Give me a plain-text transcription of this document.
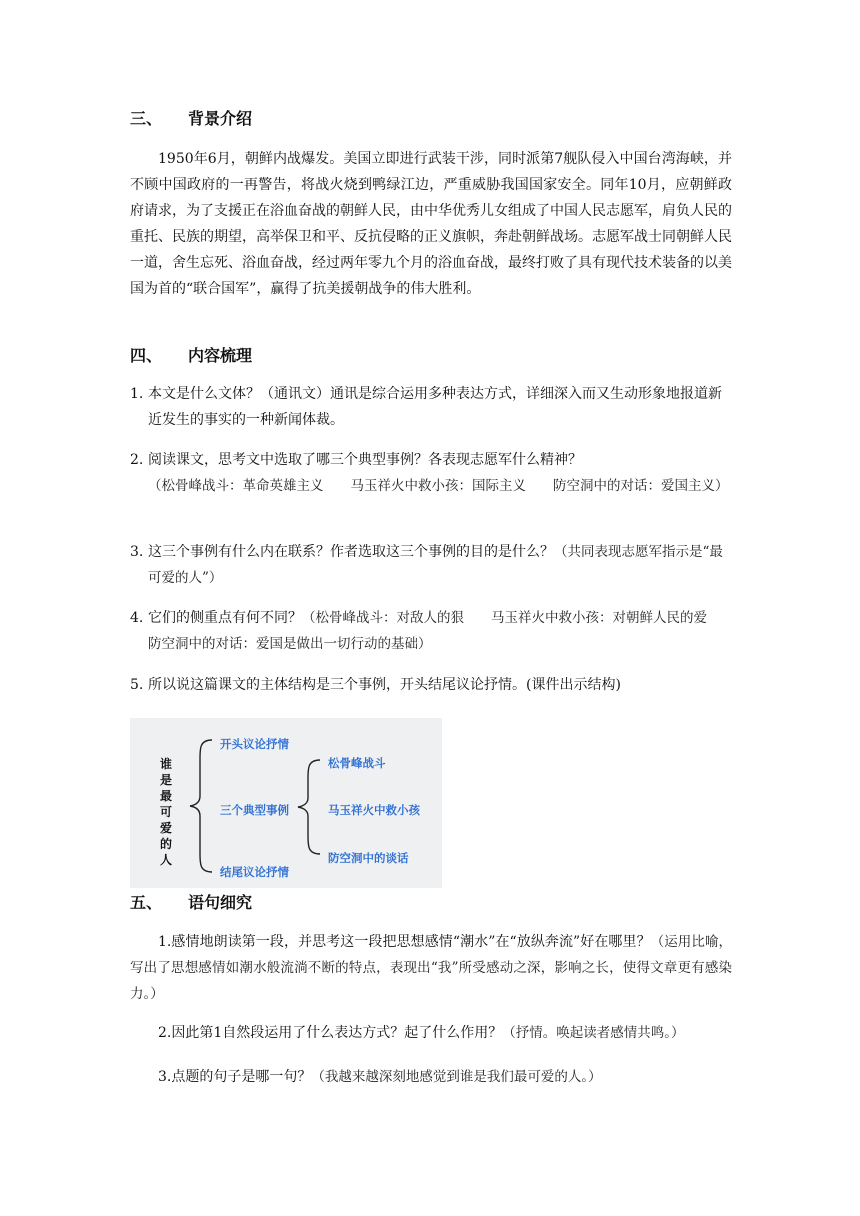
三、 背景介绍

1950年6月，朝鲜内战爆发。美国立即进行武装干涉，同时派第7舰队侵入中国台湾海峡，并不顾中国政府的一再警告，将战火烧到鸭绿江边，严重威胁我国国家安全。同年10月，应朝鲜政府请求，为了支援正在浴血奋战的朝鲜人民，由中华优秀儿女组成了中国人民志愿军，肩负人民的重托、民族的期望，高举保卫和平、反抗侵略的正义旗帜，奔赴朝鲜战场。志愿军战士同朝鲜人民一道，舍生忘死、浴血奋战，经过两年零九个月的浴血奋战，最终打败了具有现代技术装备的以美国为首的“联合国军”，赢得了抗美援朝战争的伟大胜利。

四、 内容梳理
1. 本文是什么文体？（通讯文）通讯是综合运用多种表达方式，详细深入而又生动形象地报道新近发生的事实的一种新闻体裁。
2. 阅读课文，思考文中选取了哪三个典型事例？各表现志愿军什么精神？
（松骨峰战斗：革命英雄主义　　马玉祥火中救小孩：国际主义　　防空洞中的对话：爱国主义）
3. 这三个事例有什么内在联系？作者选取这三个事例的目的是什么？（共同表现志愿军指示是“最可爱的人”）
4. 它们的侧重点有何不同？（松骨峰战斗：对敌人的狠　　马玉祥火中救小孩：对朝鲜人民的爱　　防空洞中的对话：爱国是做出一切行动的基础）
5. 所以说这篇课文的主体结构是三个事例，开头结尾议论抒情。(课件出示结构)
谁
是
最
可
爱
的
人
开头议论抒情
三个典型事例
结尾议论抒情
松骨峰战斗
马玉祥火中救小孩
防空洞中的谈话
五、 语句细究

1.感情地朗读第一段，并思考这一段把思想感情“潮水”在“放纵奔流”好在哪里？（运用比喻，写出了思想感情如潮水般流淌不断的特点，表现出“我”所受感动之深，影响之长，使得文章更有感染力。）

2.因此第1自然段运用了什么表达方式？起了什么作用？（抒情。唤起读者感情共鸣。）

3.点题的句子是哪一句？（我越来越深刻地感觉到谁是我们最可爱的人。）
